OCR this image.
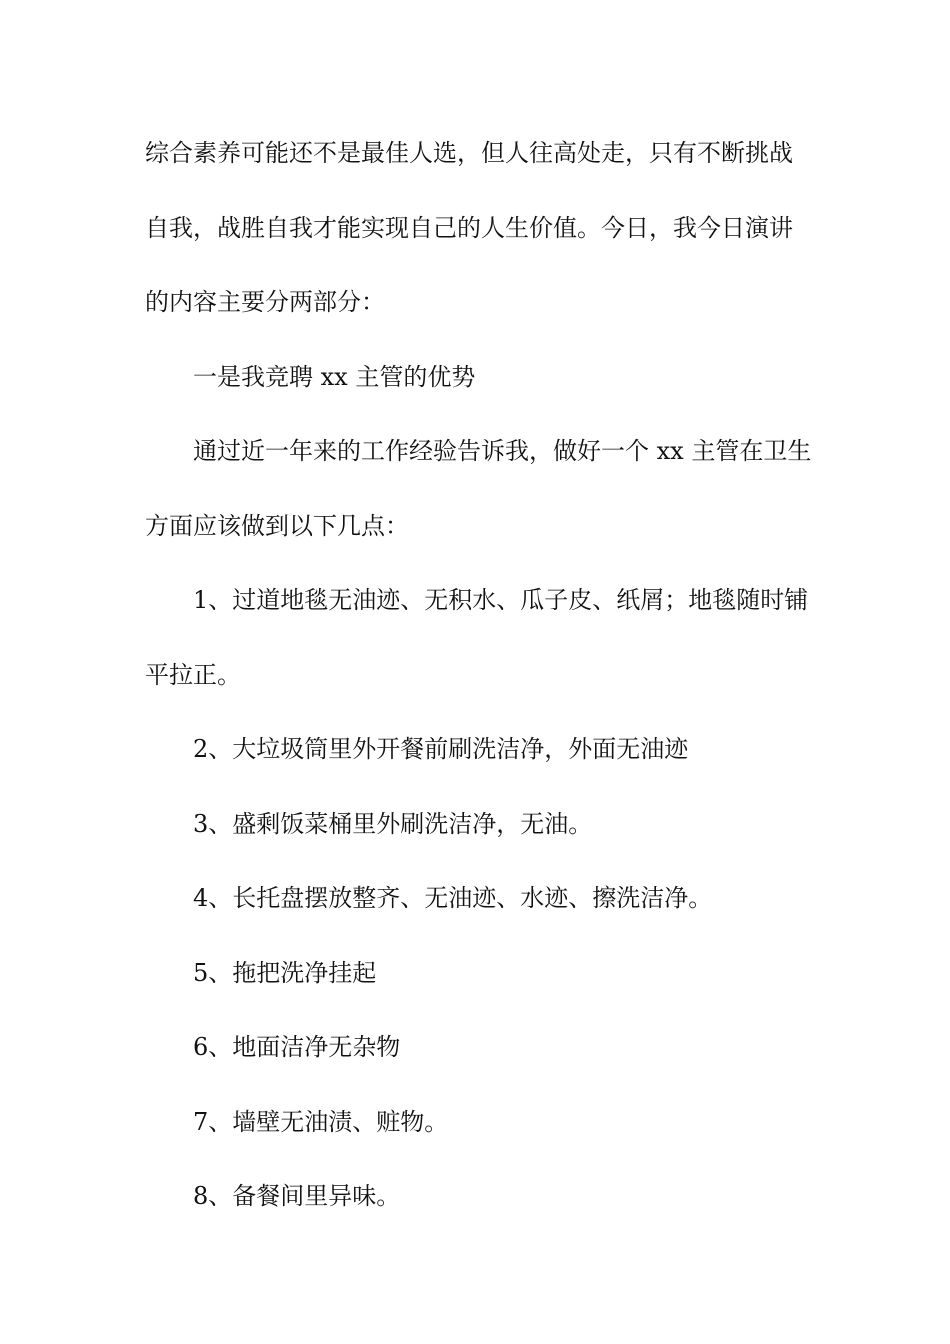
综合素养可能还不是最佳人选，但人往高处走，只有不断挑战
自我，战胜自我才能实现自己的人生价值。今日，我今日演讲
的内容主要分两部分：
一是我竞聘 xx 主管的优势
通过近一年来的工作经验告诉我，做好一个 xx 主管在卫生
方面应该做到以下几点：
1、过道地毯无油迹、无积水、瓜子皮、纸屑；地毯随时铺
平拉正。
2、大垃圾筒里外开餐前刷洗洁净，外面无油迹
3、盛剩饭菜桶里外刷洗洁净，无油。
4、长托盘摆放整齐、无油迹、水迹、擦洗洁净。
5、拖把洗净挂起
6、地面洁净无杂物
7、墙壁无油渍、赃物。
8、备餐间里异味。
